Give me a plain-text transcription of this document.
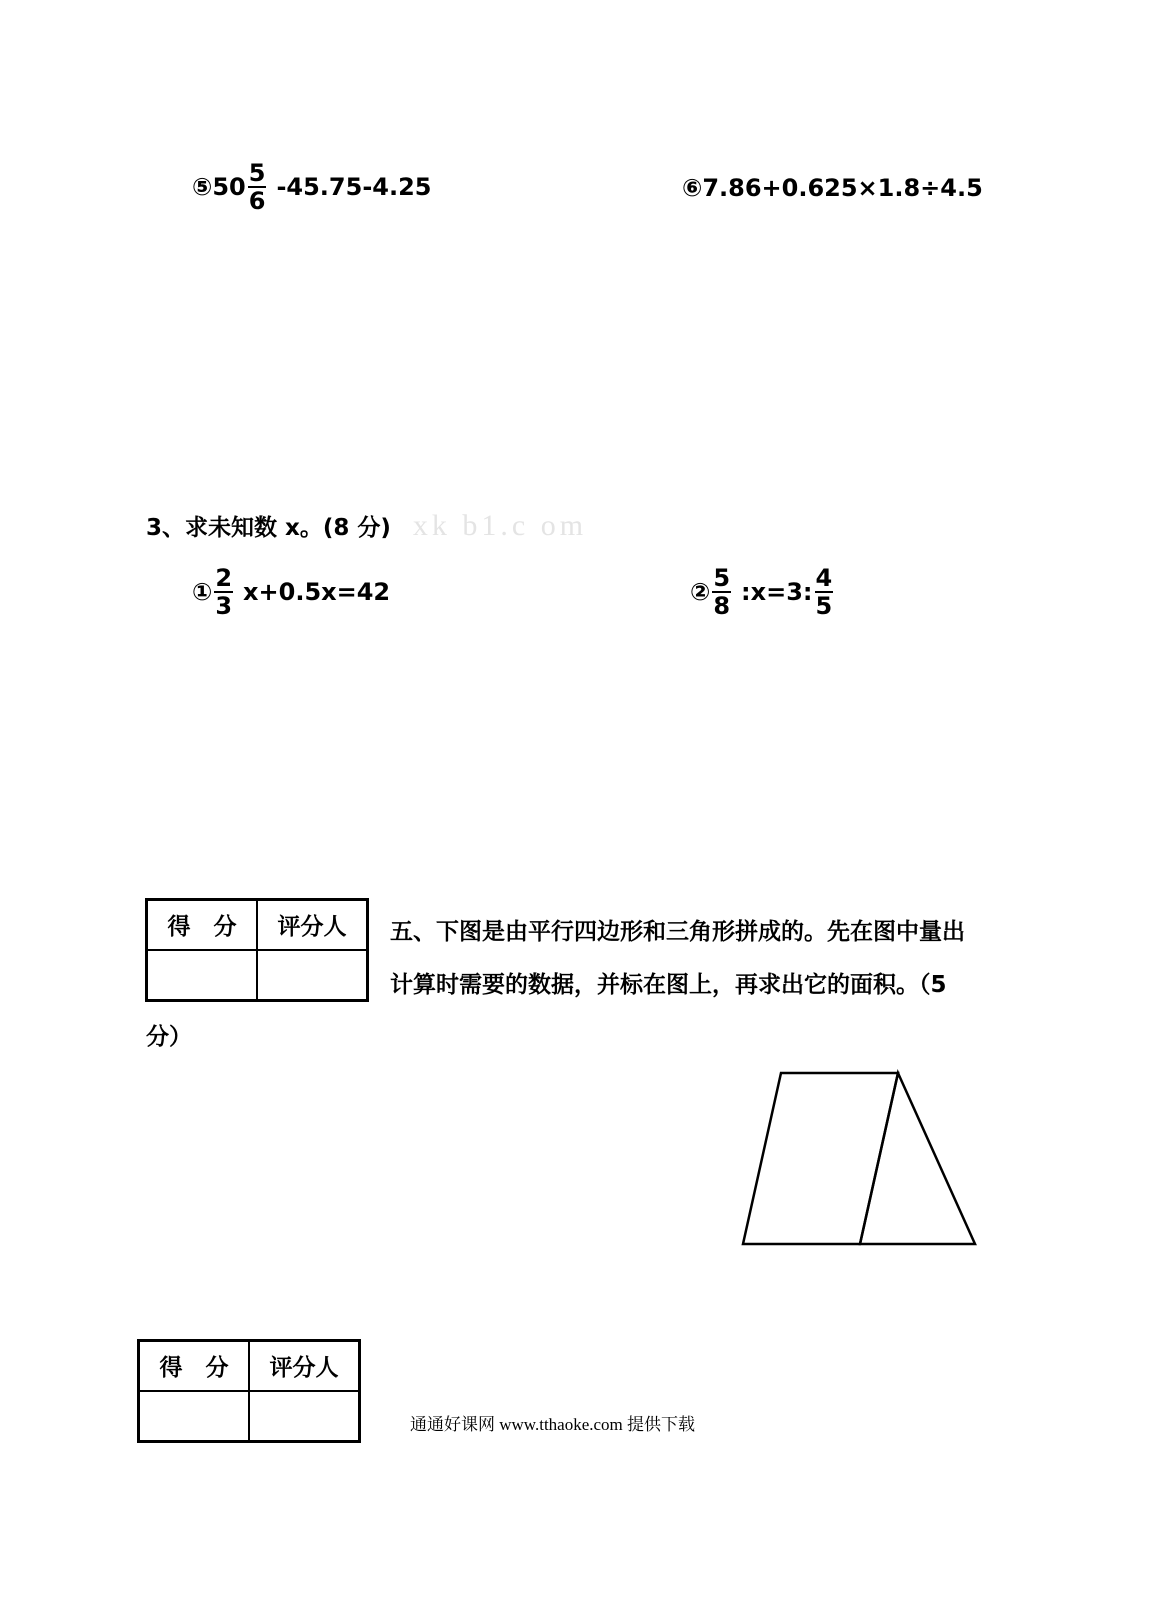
⑤ $50 \frac{5}{6} -45.75-4.25$	⑥7.86+0.625×1.8÷4.5
3、求未知数 x。(8 分) xk b1.c om
① $\frac{2}{3} x+0.5x=42$	② $\frac{5}{8}$ :x=3: $\frac{4}{5}$
得　分	评分人
	五、下图是由平行四边形和三角形拼成的。先在图中量出
计算时需要的数据，并标在图上，再求出它的面积。（5
分）
得　分	评分人

通通好课网 www.tthaoke.com 提供下载
